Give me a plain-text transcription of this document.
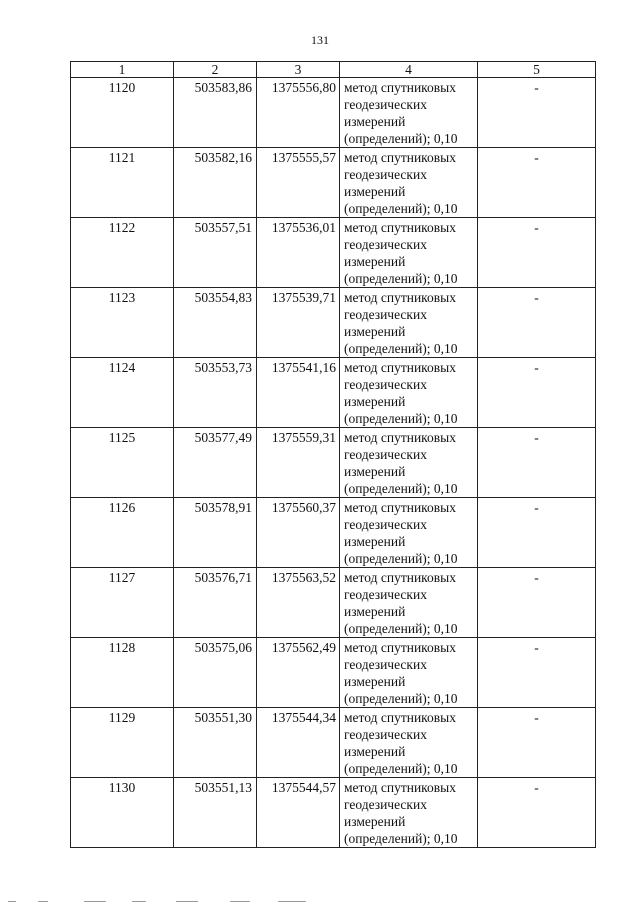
131
1	2	3	4	5
1120	503583,86	1375556,80	метод спутниковых
геодезических
измерений
(определений); 0,10	-
1121	503582,16	1375555,57	метод спутниковых
геодезических
измерений
(определений); 0,10	-
1122	503557,51	1375536,01	метод спутниковых
геодезических
измерений
(определений); 0,10	-
1123	503554,83	1375539,71	метод спутниковых
геодезических
измерений
(определений); 0,10	-
1124	503553,73	1375541,16	метод спутниковых
геодезических
измерений
(определений); 0,10	-
1125	503577,49	1375559,31	метод спутниковых
геодезических
измерений
(определений); 0,10	-
1126	503578,91	1375560,37	метод спутниковых
геодезических
измерений
(определений); 0,10	-
1127	503576,71	1375563,52	метод спутниковых
геодезических
измерений
(определений); 0,10	-
1128	503575,06	1375562,49	метод спутниковых
геодезических
измерений
(определений); 0,10	-
1129	503551,30	1375544,34	метод спутниковых
геодезических
измерений
(определений); 0,10	-
1130	503551,13	1375544,57	метод спутниковых
геодезических
измерений
(определений); 0,10	-
